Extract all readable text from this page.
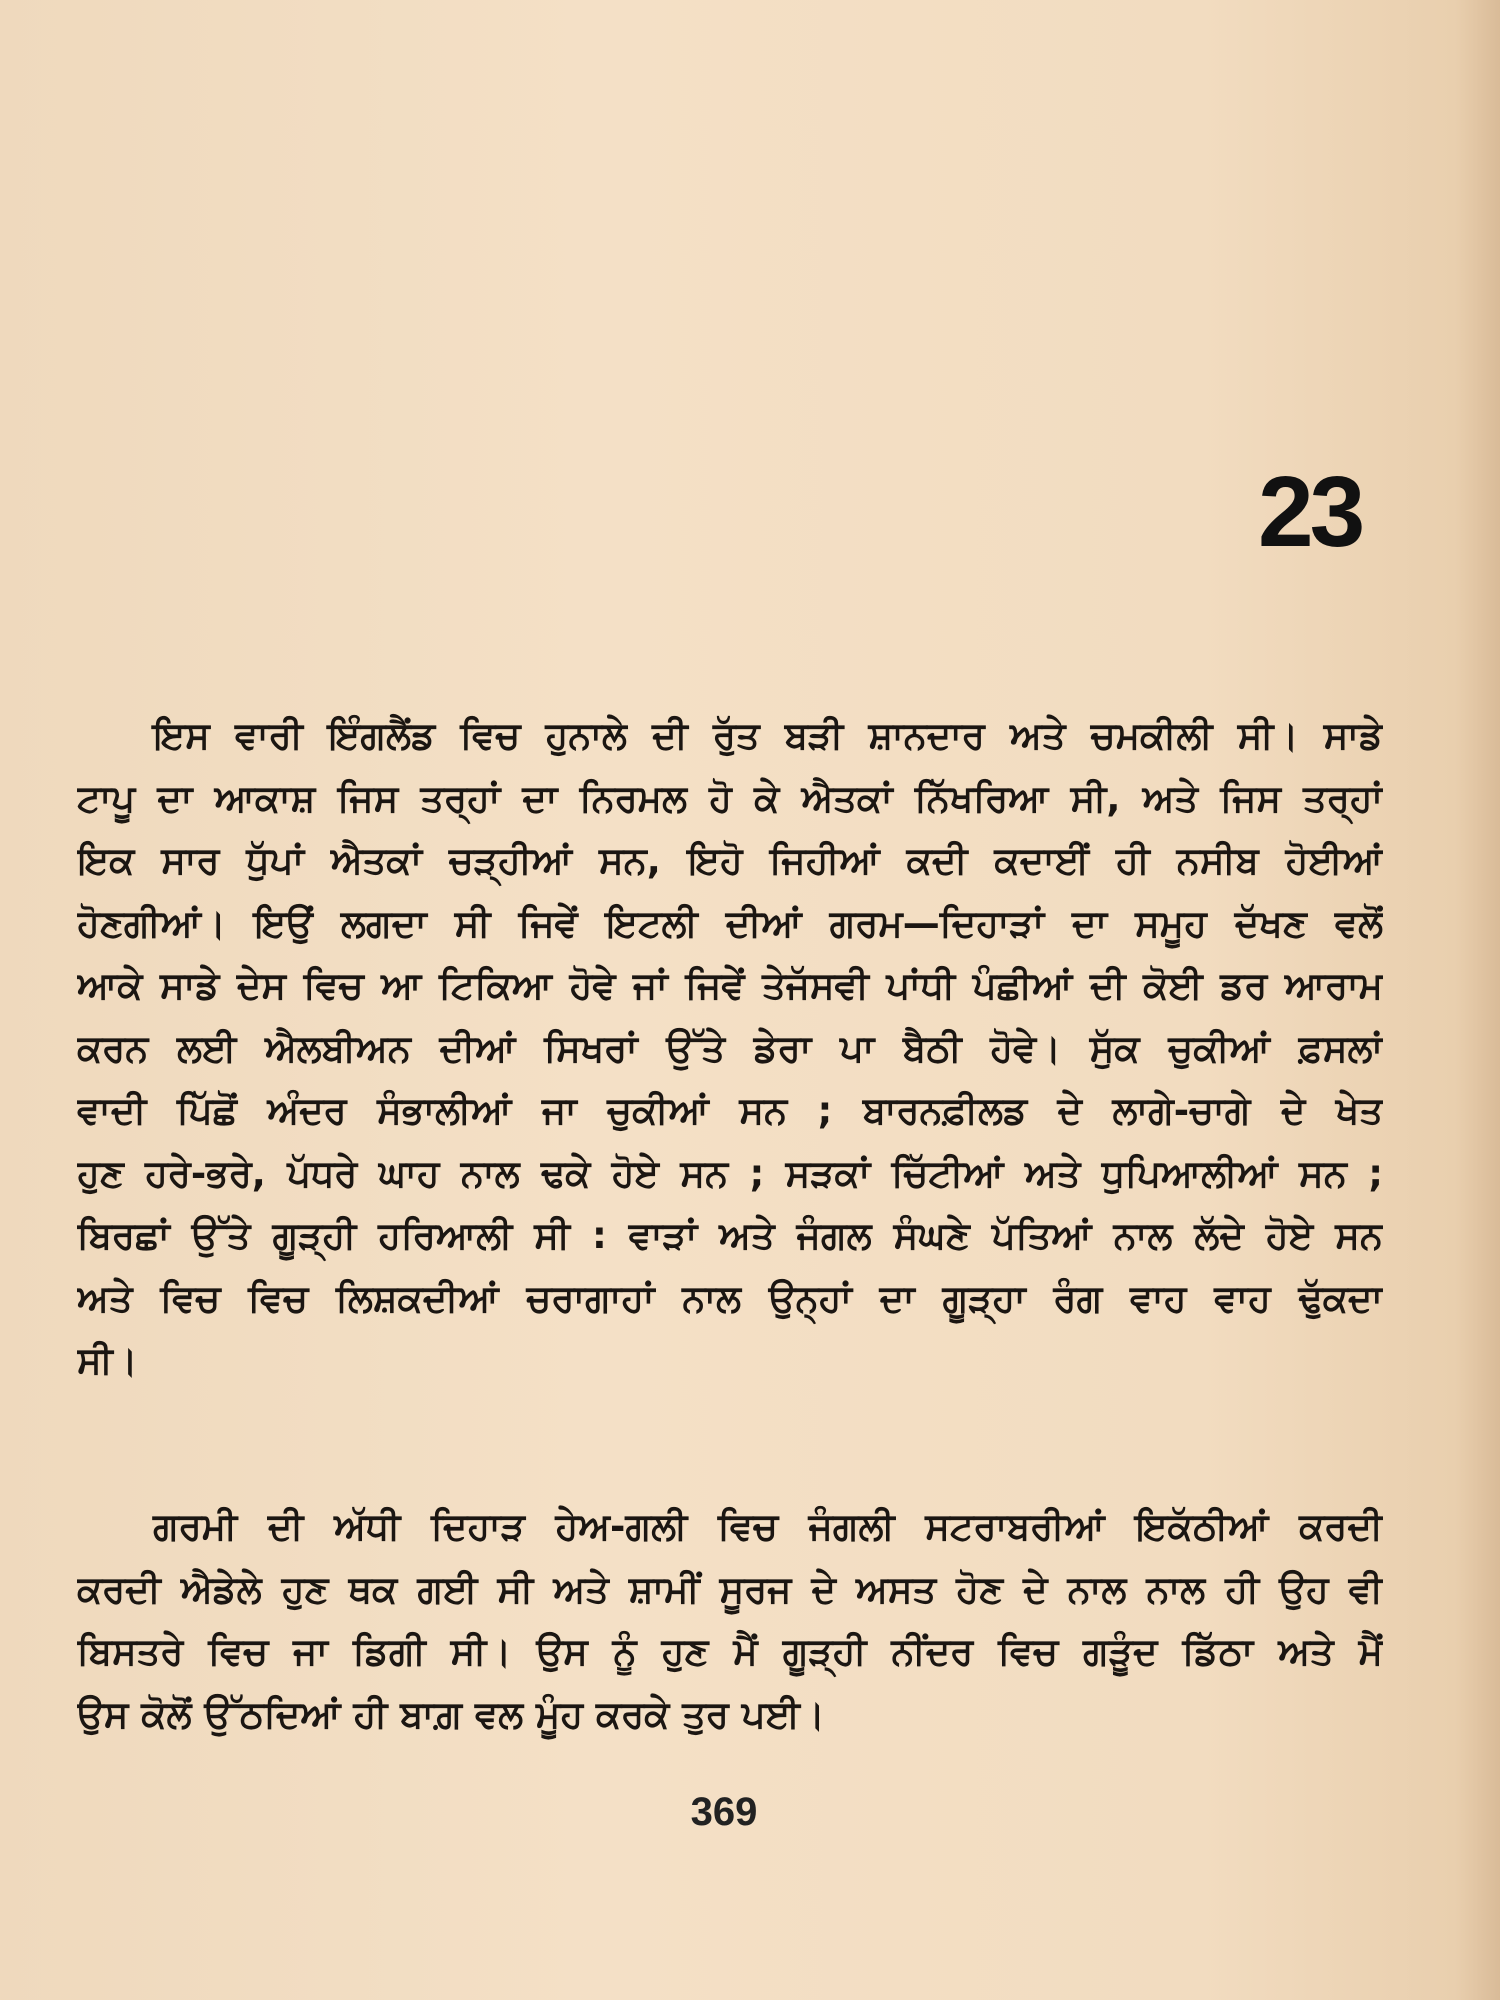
23
ਇਸ ਵਾਰੀ ਇੰਗਲੈਂਡ ਵਿਚ ਹੁਨਾਲੇ ਦੀ ਰੁੱਤ ਬੜੀ ਸ਼ਾਨਦਾਰ ਅਤੇ ਚਮਕੀਲੀ ਸੀ। ਸਾਡੇ
ਟਾਪੂ ਦਾ ਆਕਾਸ਼ ਜਿਸ ਤਰ੍ਹਾਂ ਦਾ ਨਿਰਮਲ ਹੋ ਕੇ ਐਤਕਾਂ ਨਿੱਖਰਿਆ ਸੀ, ਅਤੇ ਜਿਸ ਤਰ੍ਹਾਂ
ਇਕ ਸਾਰ ਧੁੱਪਾਂ ਐਤਕਾਂ ਚੜ੍ਹੀਆਂ ਸਨ, ਇਹੋ ਜਿਹੀਆਂ ਕਦੀ ਕਦਾਈਂ ਹੀ ਨਸੀਬ ਹੋਈਆਂ
ਹੋਣਗੀਆਂ। ਇਉਂ ਲਗਦਾ ਸੀ ਜਿਵੇਂ ਇਟਲੀ ਦੀਆਂ ਗਰਮ—ਦਿਹਾੜਾਂ ਦਾ ਸਮੂਹ ਦੱਖਣ ਵਲੋਂ
ਆਕੇ ਸਾਡੇ ਦੇਸ ਵਿਚ ਆ ਟਿਕਿਆ ਹੋਵੇ ਜਾਂ ਜਿਵੇਂ ਤੇਜੱਸਵੀ ਪਾਂਧੀ ਪੰਛੀਆਂ ਦੀ ਕੋਈ ਡਰ ਆਰਾਮ
ਕਰਨ ਲਈ ਐਲਬੀਅਨ ਦੀਆਂ ਸਿਖਰਾਂ ਉੱਤੇ ਡੇਰਾ ਪਾ ਬੈਠੀ ਹੋਵੇ। ਸੁੱਕ ਚੁਕੀਆਂ ਫ਼ਸਲਾਂ
ਵਾਦੀ ਪਿੱਛੋਂ ਅੰਦਰ ਸੰਭਾਲੀਆਂ ਜਾ ਚੁਕੀਆਂ ਸਨ ; ਬਾਰਨਫ਼ੀਲਡ ਦੇ ਲਾਗੇ-ਚਾਗੇ ਦੇ ਖੇਤ
ਹੁਣ ਹਰੇ-ਭਰੇ, ਪੱਧਰੇ ਘਾਹ ਨਾਲ ਢਕੇ ਹੋਏ ਸਨ ; ਸੜਕਾਂ ਚਿੱਟੀਆਂ ਅਤੇ ਧੁਪਿਆਲੀਆਂ ਸਨ ;
ਬਿਰਛਾਂ ਉੱਤੇ ਗੂੜ੍ਹੀ ਹਰਿਆਲੀ ਸੀ : ਵਾੜਾਂ ਅਤੇ ਜੰਗਲ ਸੰਘਣੇ ਪੱਤਿਆਂ ਨਾਲ ਲੱਦੇ ਹੋਏ ਸਨ
ਅਤੇ ਵਿਚ ਵਿਚ ਲਿਸ਼ਕਦੀਆਂ ਚਰਾਗਾਹਾਂ ਨਾਲ ਉਨ੍ਹਾਂ ਦਾ ਗੂੜ੍ਹਾ ਰੰਗ ਵਾਹ ਵਾਹ ਢੁੱਕਦਾ
ਸੀ।
ਗਰਮੀ ਦੀ ਅੱਧੀ ਦਿਹਾੜ ਹੇਅ-ਗਲੀ ਵਿਚ ਜੰਗਲੀ ਸਟਰਾਬਰੀਆਂ ਇਕੱਠੀਆਂ ਕਰਦੀ
ਕਰਦੀ ਐਡੇਲੇ ਹੁਣ ਥਕ ਗਈ ਸੀ ਅਤੇ ਸ਼ਾਮੀਂ ਸੂਰਜ ਦੇ ਅਸਤ ਹੋਣ ਦੇ ਨਾਲ ਨਾਲ ਹੀ ਉਹ ਵੀ
ਬਿਸਤਰੇ ਵਿਚ ਜਾ ਡਿਗੀ ਸੀ। ਉਸ ਨੂੰ ਹੁਣ ਮੈਂ ਗੂੜ੍ਹੀ ਨੀਂਦਰ ਵਿਚ ਗੜੂੰਦ ਡਿੱਠਾ ਅਤੇ ਮੈਂ
ਉਸ ਕੋਲੋਂ ਉੱਠਦਿਆਂ ਹੀ ਬਾਗ਼ ਵਲ ਮੂੰਹ ਕਰਕੇ ਤੁਰ ਪਈ।
369
